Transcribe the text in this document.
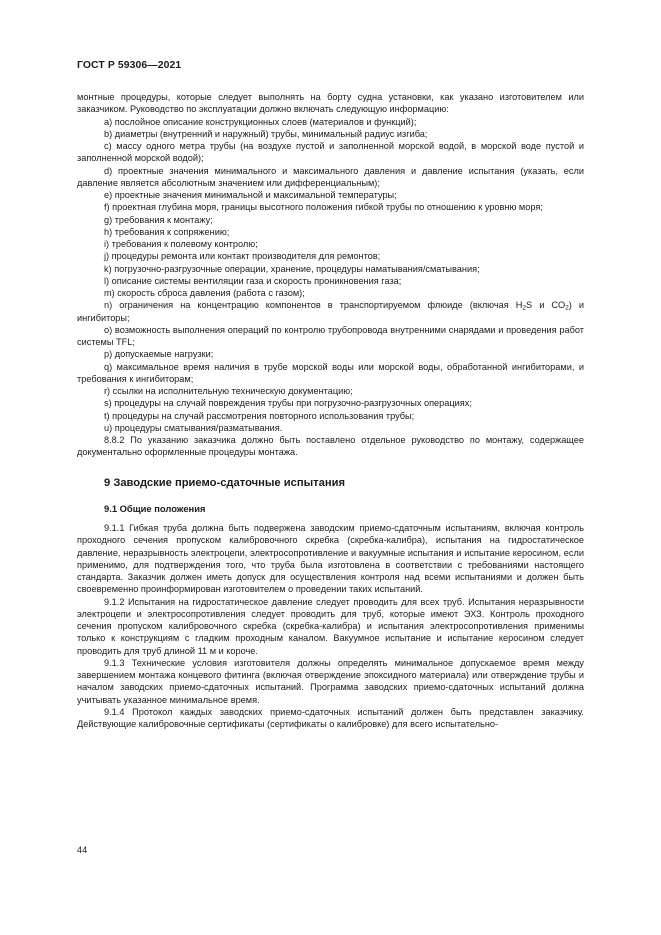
ГОСТ Р 59306—2021

монтные процедуры, которые следует выполнять на борту судна установки, как указано изготовителем или заказчиком. Руководство по эксплуатации должно включать следующую информацию:

а) послойное описание конструкционных слоев (материалов и функций);

b) диаметры (внутренний и наружный) трубы, минимальный радиус изгиба;

с) массу одного метра трубы (на воздухе пустой и заполненной морской водой, в морской воде пустой и заполненной морской водой);

d) проектные значения минимального и максимального давления и давление испытания (указать, если давление является абсолютным значением или дифференциальным);

е) проектные значения минимальной и максимальной температуры;

f) проектная глубина моря, границы высотного положения гибкой трубы по отношению к уровню моря;

g) требования к монтажу;

h) требования к сопряжению;

i) требования к полевому контролю;

j) процедуры ремонта или контакт производителя для ремонтов;

k) погрузочно-разгрузочные операции, хранение, процедуры наматывания/сматывания;

l) описание системы вентиляции газа и скорость проникновения газа;

m) скорость сброса давления (работа с газом);

n) ограничения на концентрацию компонентов в транспортируемом флюиде (включая $H_2S$ и $CO_2$) и ингибиторы;

о) возможность выполнения операций по контролю трубопровода внутренними снарядами и проведения работ системы TFL;

р) допускаемые нагрузки;

q) максимальное время наличия в трубе морской воды или морской воды, обработанной ингибиторами, и требования к ингибиторам;

r) ссылки на исполнительную техническую документацию;

s) процедуры на случай повреждения трубы при погрузочно-разгрузочных операциях;

t) процедуры на случай рассмотрения повторного использования трубы;

u) процедуры сматывания/разматывания.

8.8.2 По указанию заказчика должно быть поставлено отдельное руководство по монтажу, содержащее документально оформленные процедуры монтажа.

9 Заводские приемо-сдаточные испытания

9.1 Общие положения

9.1.1 Гибкая труба должна быть подвержена заводским приемо-сдаточным испытаниям, включая контроль проходного сечения пропуском калибровочного скребка (скребка-калибра), испытания на гидростатическое давление, неразрывность электроцепи, электросопротивление и вакуумные испытания и испытание керосином, если применимо, для подтверждения того, что труба была изготовлена в соответствии с требованиями настоящего стандарта. Заказчик должен иметь допуск для осуществления контроля над всеми испытаниями и должен быть своевременно проинформирован изготовителем о проведении таких испытаний.

9.1.2 Испытания на гидростатическое давление следует проводить для всех труб. Испытания неразрывности электроцепи и электросопротивления следует проводить для труб, которые имеют ЭХЗ. Контроль проходного сечения пропуском калибровочного скребка (скребка-калибра) и испытания электросопротивления применимы только к конструкциям с гладким проходным каналом. Вакуумное испытание и испытание керосином следует проводить для труб длиной 11 м и короче.

9.1.3 Технические условия изготовителя должны определять минимальное допускаемое время между завершением монтажа концевого фитинга (включая отверждение эпоксидного материала) или отверждение трубы и началом заводских приемо-сдаточных испытаний. Программа заводских приемо-сдаточных испытаний должна учитывать указанное минимальное время.

9.1.4 Протокол каждых заводских приемо-сдаточных испытаний должен быть представлен заказчику. Действующие калибровочные сертификаты (сертификаты о калибровке) для всего испытательно-

44
